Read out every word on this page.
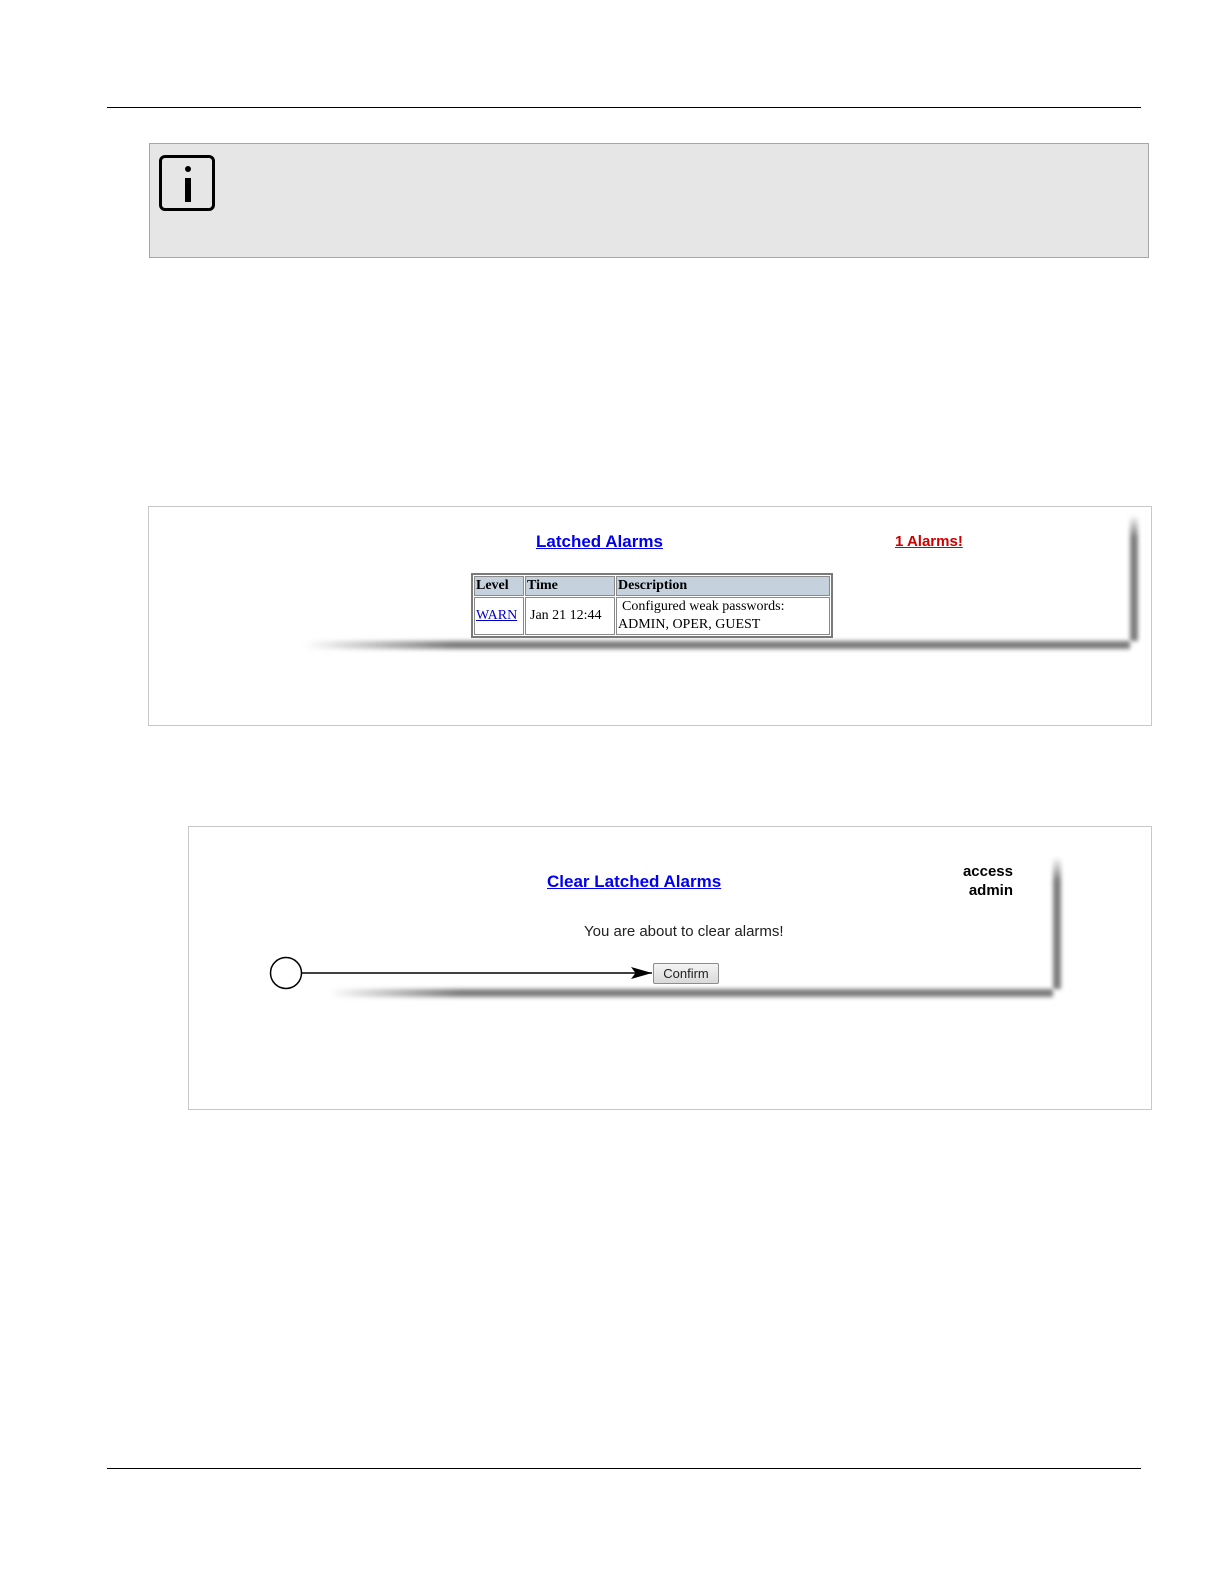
Latched Alarms	1 Alarms!
Level	Time	Description
WARN	Jan 21 12:44	Configured weak passwords:
ADMIN, OPER, GUEST
Clear Latched Alarms
access
admin
You are about to clear alarms!
Confirm
